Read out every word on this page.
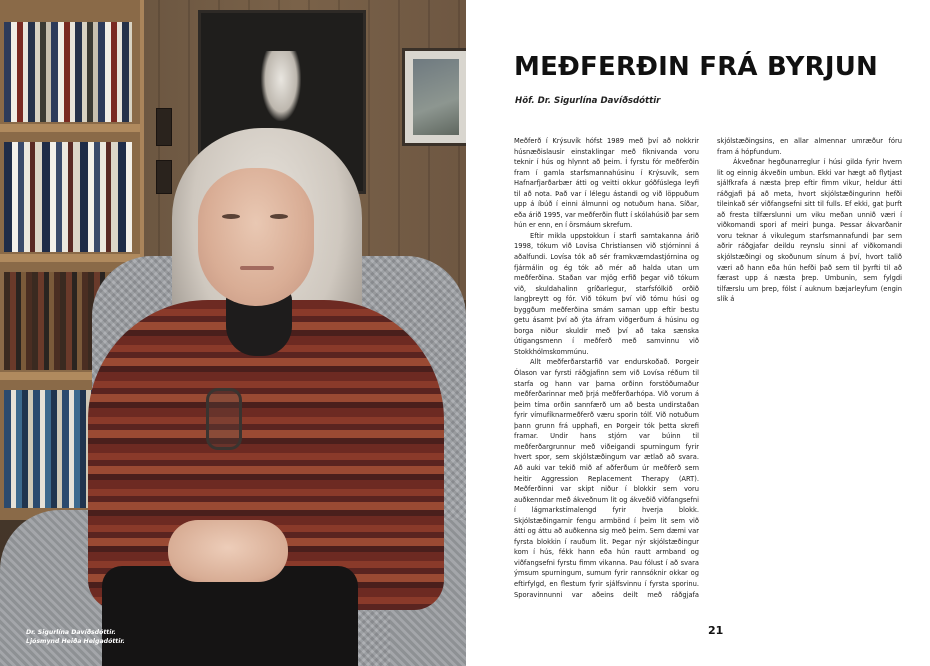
Dr. Sigurlína Davíðsdóttir.
Ljósmynd Heiða Helgadóttir.

MEÐFERÐIN FRÁ BYRJUN

Höf. Dr. Sigurlína Davíðsdóttir

Meðferð í Krýsuvík hófst 1989 með því að nokkrir húsnæðislausir einstaklingar með fíknivanda voru teknir í hús og hlynnt að þeim. Í fyrstu fór meðferðin fram í gamla starfsmannahúsinu í Krýsuvík, sem Hafnarfjarðarbær átti og veitti okkur góðfúslega leyfi til að nota. Það var í lélegu ástandi og við löppuðum upp á íbúð í einni álmunni og notuðum hana. Síðar, eða árið 1995, var meðferðin flutt í skólahúsið þar sem hún er enn, en í örsmáum skrefum.

Eftir mikla uppstokkun í starfi samtakanna árið 1998, tókum við Lovísa Christiansen við stjórninni á aðalfundi. Lovísa tók að sér framkvæmdastjórnina og fjármálin og ég tók að mér að halda utan um meðferðina. Staðan var mjög erfið þegar við tókum við, skuldahalinn gríðarlegur, starfsfólkið orðið langþreytt og fór. Við tókum því við tómu húsi og byggðum meðferðina smám saman upp eftir bestu getu ásamt því að ýta áfram viðgerðum á húsinu og borga niður skuldir með því að taka sænska útigangsmenn í meðferð með samvinnu við Stokkhólmskommúnu.

Allt meðferðarstarfið var endurskoðað. Þorgeir Ólason var fyrsti ráðgjafinn sem við Lovísa réðum til starfa og hann var þarna orðinn forstöðumaður meðferðarinnar með þrjá meðferðarhópa. Við vorum á þeim tíma orðin sannfærð um að besta undirstaðan fyrir vímufíknarmeðferð væru sporin tólf. Við notuðum þann grunn frá upphafi, en Þorgeir tók þetta skrefi framar. Undir hans stjórn var búinn til meðferðargrunnur með viðeigandi spurningum fyrir hvert spor, sem skjólstæðingum var ætlað að svara. Að auki var tekið mið af aðferðum úr meðferð sem heitir Aggression Replacement Therapy (ART). Meðferðinni var skipt niður í blokkir sem voru auðkenndar með ákveðnum lit og ákveðið viðfangsefni í lágmarkstímalengd fyrir hverja blokk. Skjólstæðingarnir fengu armbönd í þeim lit sem við átti og áttu að auðkenna sig með þeim. Sem dæmi var fyrsta blokkin í rauðum lit. Þegar nýr skjólstæðingur kom í hús, fékk hann eða hún rautt armband og viðfangsefni fyrstu fimm vikanna. Þau fólust í að svara ýmsum spurningum, sumum fyrir rannsóknir okkar og eftirfylgd, en flestum fyrir sjálfsvinnu í fyrsta sporinu. Sporavinnunni var aðeins deilt með ráðgjafa skjólstæðingsins, en allar almennar umræður fóru fram á hópfundum.

Ákveðnar hegðunarreglur í húsi gilda fyrir hvern lit og einnig ákveðin umbun. Ekki var hægt að flytjast sjálfkrafa á næsta þrep eftir fimm vikur, heldur átti ráðgjafi þá að meta, hvort skjólstæðingurinn hefði tileinkað sér viðfangsefni sitt til fulls. Ef ekki, gat þurft að fresta tilfærslunni um viku meðan unnið væri í viðkomandi spori af meiri þunga. Þessar ákvarðanir voru teknar á vikulegum starfsmannafundi þar sem aðrir ráðgjafar deildu reynslu sinni af viðkomandi skjólstæðingi og skoðunum sínum á því, hvort talið væri að hann eða hún hefði það sem til þyrfti til að færast upp á næsta þrep. Umbunin, sem fylgdi tilfærslu um þrep, fólst í auknum bæjarleyfum (engin slík á

21
